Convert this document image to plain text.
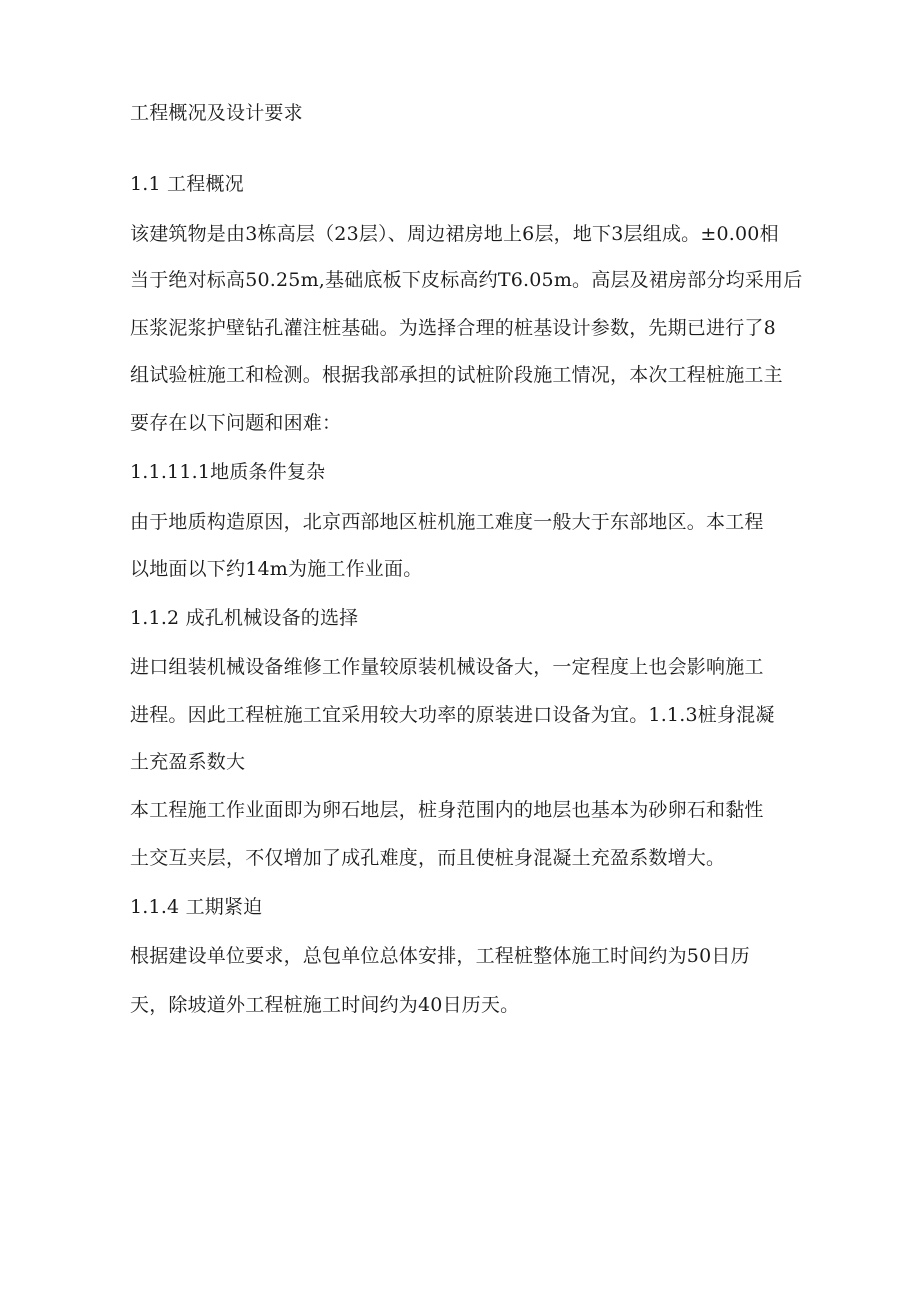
工程概况及设计要求
1.1 工程概况
该建筑物是由3栋高层（23层）、周边裙房地上6层，地下3层组成。±0.00相
当于绝对标高50.25m,基础底板下皮标高约T6.05m。高层及裙房部分均采用后
压浆泥浆护壁钻孔灌注桩基础。为选择合理的桩基设计参数，先期已进行了8
组试验桩施工和检测。根据我部承担的试桩阶段施工情况，本次工程桩施工主
要存在以下问题和困难：
1.1.11.1地质条件复杂
由于地质构造原因，北京西部地区桩机施工难度一般大于东部地区。本工程
以地面以下约14m为施工作业面。
1.1.2 成孔机械设备的选择
进口组装机械设备维修工作量较原装机械设备大，一定程度上也会影响施工
进程。因此工程桩施工宜采用较大功率的原装进口设备为宜。1.1.3桩身混凝
土充盈系数大
本工程施工作业面即为卵石地层，桩身范围内的地层也基本为砂卵石和黏性
土交互夹层，不仅增加了成孔难度，而且使桩身混凝土充盈系数增大。
1.1.4 工期紧迫
根据建设单位要求，总包单位总体安排，工程桩整体施工时间约为50日历
天，除坡道外工程桩施工时间约为40日历天。
